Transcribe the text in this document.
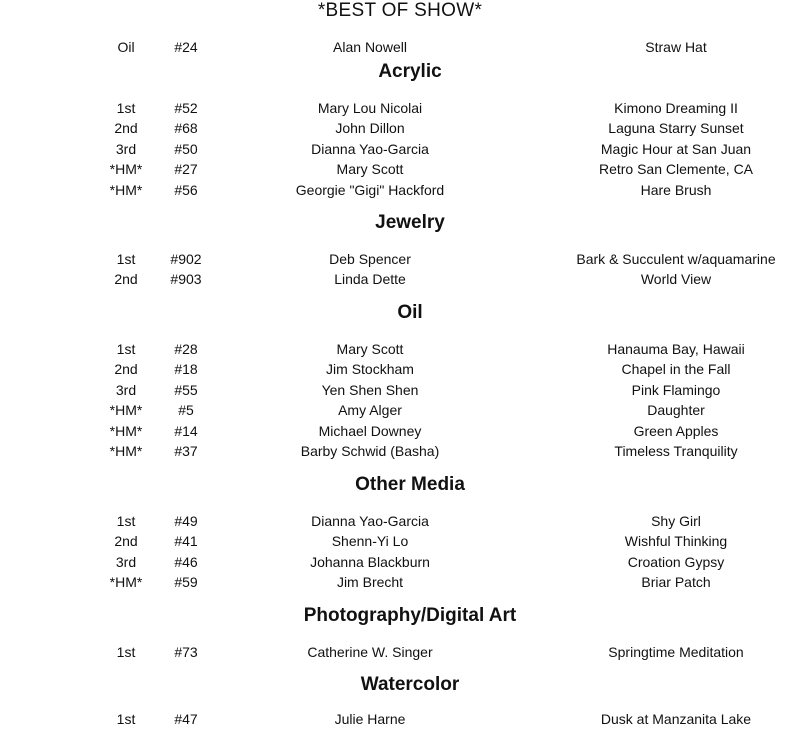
*BEST OF SHOW*
Oil	#24	Alan Nowell	Straw Hat
Acrylic
1st	#52	Mary Lou Nicolai	Kimono Dreaming II
2nd	#68	John Dillon	Laguna Starry Sunset
3rd	#50	Dianna Yao-Garcia	Magic Hour at San Juan
*HM*	#27	Mary Scott	Retro San Clemente, CA
*HM*	#56	Georgie "Gigi" Hackford	Hare Brush
Jewelry
1st	#902	Deb Spencer	Bark & Succulent w/aquamarine
2nd	#903	Linda Dette	World View
Oil
1st	#28	Mary Scott	Hanauma Bay, Hawaii
2nd	#18	Jim Stockham	Chapel in the Fall
3rd	#55	Yen Shen Shen	Pink Flamingo
*HM*	#5	Amy Alger	Daughter
*HM*	#14	Michael Downey	Green Apples
*HM*	#37	Barby Schwid (Basha)	Timeless Tranquility
Other Media
1st	#49	Dianna Yao-Garcia	Shy Girl
2nd	#41	Shenn-Yi Lo	Wishful Thinking
3rd	#46	Johanna Blackburn	Croation Gypsy
*HM*	#59	Jim Brecht	Briar Patch
Photography/Digital Art
1st	#73	Catherine W. Singer	Springtime Meditation
Watercolor
1st	#47	Julie Harne	Dusk at Manzanita Lake
